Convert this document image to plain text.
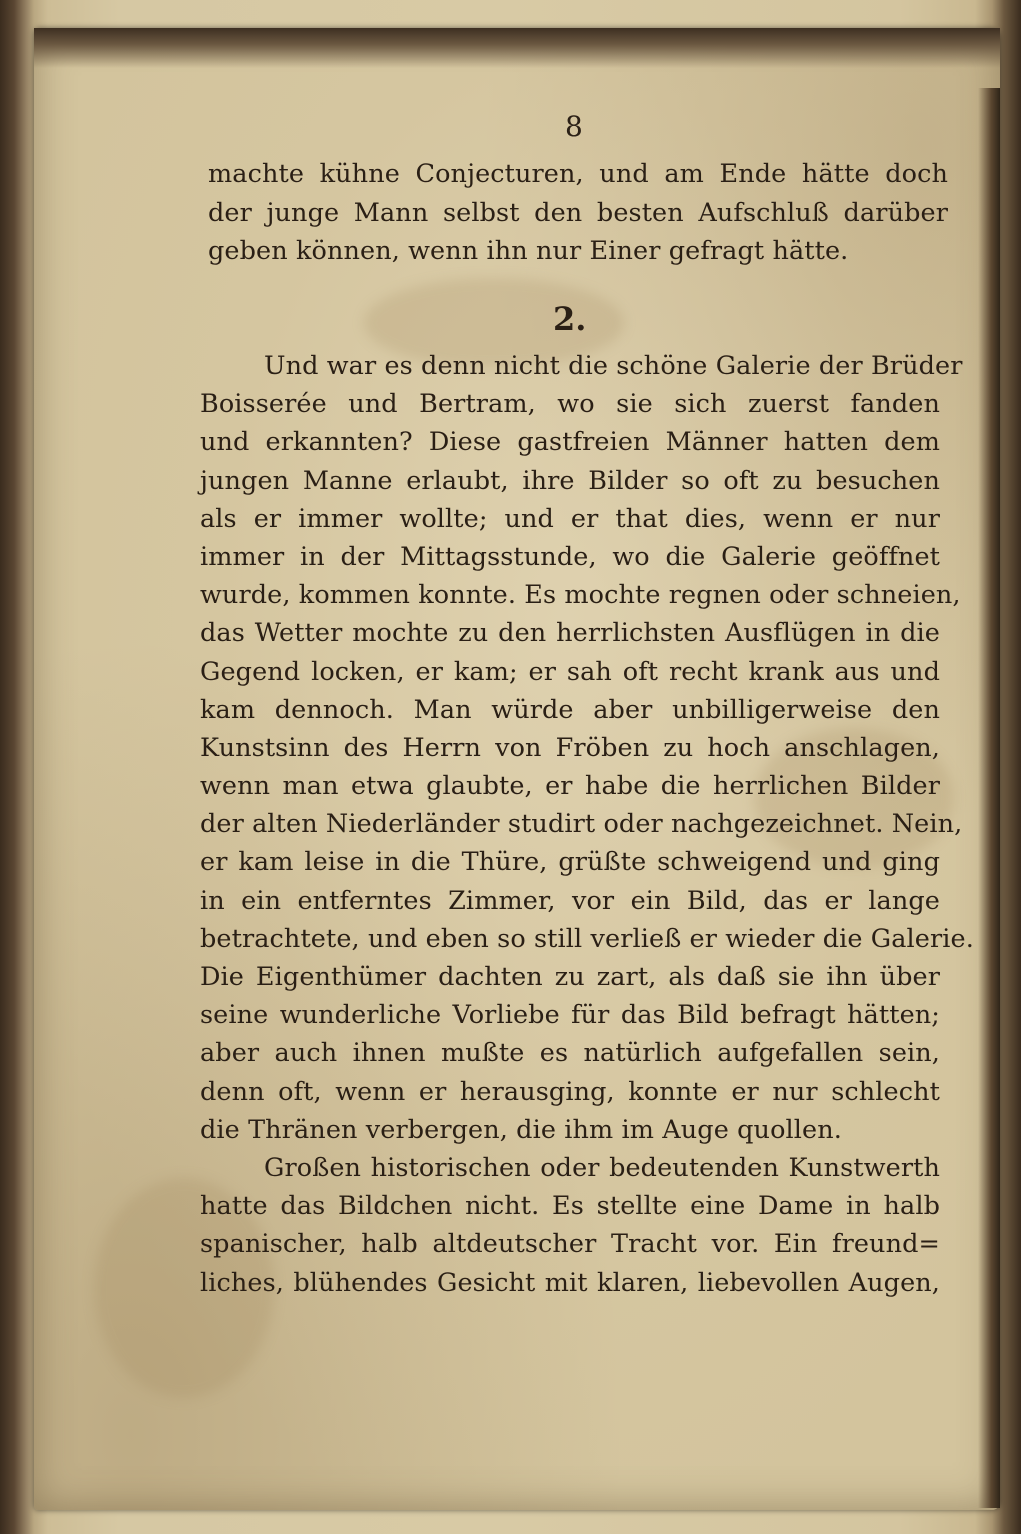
8
machte kühne Conjecturen, und am Ende hätte doch
der junge Mann selbst den besten Aufschluß darüber
geben können, wenn ihn nur Einer gefragt hätte.
2.
Und war es denn nicht die schöne Galerie der Brüder
Boisserée und Bertram, wo sie sich zuerst fanden
und erkannten? Diese gastfreien Männer hatten dem
jungen Manne erlaubt, ihre Bilder so oft zu besuchen
als er immer wollte; und er that dies, wenn er nur
immer in der Mittagsstunde, wo die Galerie geöffnet
wurde, kommen konnte. Es mochte regnen oder schneien,
das Wetter mochte zu den herrlichsten Ausflügen in die
Gegend locken, er kam; er sah oft recht krank aus und
kam dennoch. Man würde aber unbilligerweise den
Kunstsinn des Herrn von Fröben zu hoch anschlagen,
wenn man etwa glaubte, er habe die herrlichen Bilder
der alten Niederländer studirt oder nachgezeichnet. Nein,
er kam leise in die Thüre, grüßte schweigend und ging
in ein entferntes Zimmer, vor ein Bild, das er lange
betrachtete, und eben so still verließ er wieder die Galerie.
Die Eigenthümer dachten zu zart, als daß sie ihn über
seine wunderliche Vorliebe für das Bild befragt hätten;
aber auch ihnen mußte es natürlich aufgefallen sein,
denn oft, wenn er herausging, konnte er nur schlecht
die Thränen verbergen, die ihm im Auge quollen.
Großen historischen oder bedeutenden Kunstwerth
hatte das Bildchen nicht. Es stellte eine Dame in halb
spanischer, halb altdeutscher Tracht vor. Ein freund=
liches, blühendes Gesicht mit klaren, liebevollen Augen,
